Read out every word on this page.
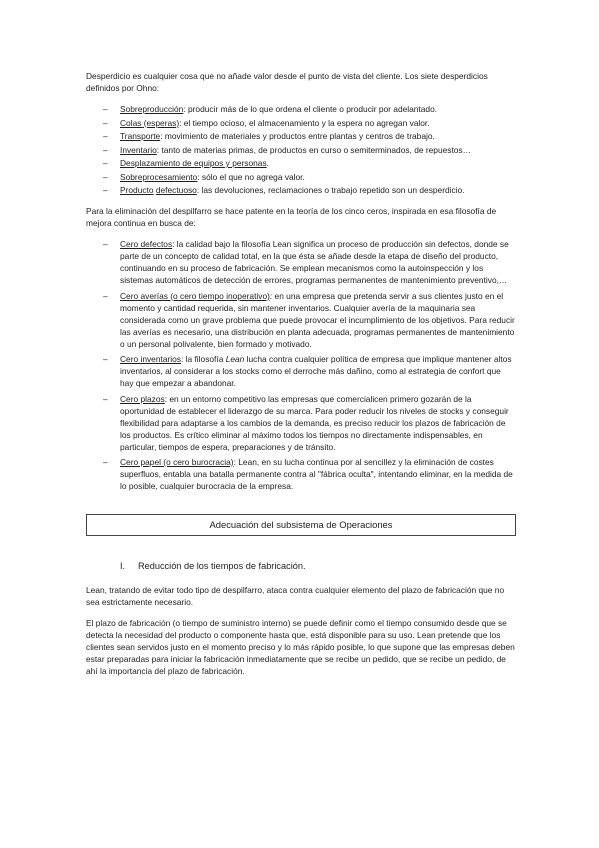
Desperdicio es cualquier cosa que no añade valor desde el punto de vista del cliente. Los siete desperdicios definidos por Ohno:

– Sobreproducción: producir más de lo que ordena el cliente o producir por adelantado.
– Colas (esperas): el tiempo ocioso, el almacenamiento y la espera no agregan valor.
– Transporte: movimiento de materiales y productos entre plantas y centros de trabajo.
– Inventario: tanto de materias primas, de productos en curso o semiterminados, de repuestos…
– Desplazamiento de equipos y personas.
– Sobreprocesamiento: sólo el que no agrega valor.
– Producto defectuoso: las devoluciones, reclamaciones o trabajo repetido son un desperdicio.

Para la eliminación del despilfarro se hace patente en la teoría de los cinco ceros, inspirada en esa filosofía de mejora continua en busca de:

– Cero defectos: la calidad bajo la filosofía Lean significa un proceso de producción sin defectos, donde se parte de un concepto de calidad total, en la que ésta se añade desde la etapa de diseño del producto, continuando en su proceso de fabricación. Se emplean mecanismos como la autoinspección y los sistemas automáticos de detección de errores, programas permanentes de mantenimiento preventivo,…
– Cero averías (o cero tiempo inoperativo): en una empresa que pretenda servir a sus clientes justo en el momento y cantidad requerida, sin mantener inventarios. Cualquier avería de la maquinaria sea considerada como un grave problema que puede provocar el incumplimiento de los objetivos. Para reducir las averías es necesario, una distribución en planta adecuada, programas permanentes de mantenimiento o un personal polivalente, bien formado y motivado.
– Cero inventarios: la filosofía Lean lucha contra cualquier política de empresa que implique mantener altos inventarios, al considerar a los stocks como el derroche más dañino, como al estrategia de confort que hay que empezar a abandonar.
– Cero plazos: en un entorno competitivo las empresas que comercialicen primero gozarán de la oportunidad de establecer el liderazgo de su marca. Para poder reducir los niveles de stocks y conseguir flexibilidad para adaptarse a los cambios de la demanda, es preciso reducir los plazos de fabricación de los productos. Es crítico eliminar al máximo todos los tiempos no directamente indispensables, en particular, tiempos de espera, preparaciones y de tránsito.
– Cero papel (o cero burocracia): Lean, en su lucha continua por al sencillez y la eliminación de costes superfluos, entabla una batalla permanente contra al "fábrica oculta", intentando eliminar, en la medida de lo posible, cualquier burocracia de la empresa.
Adecuación del subsistema de Operaciones
I.	Reducción de los tiempos de fabricación.

Lean, tratando de evitar todo tipo de despilfarro, ataca contra cualquier elemento del plazo de fabricación que no sea estrictamente necesario.

El plazo de fabricación (o tiempo de suministro interno) se puede definir como el tiempo consumido desde que se detecta la necesidad del producto o componente hasta que, está disponible para su uso. Lean pretende que los clientes sean servidos justo en el momento preciso y lo más rápido posible, lo que supone que las empresas deben estar preparadas para iniciar la fabricación inmediatamente que se recibe un pedido, que se recibe un pedido, de ahí la importancia del plazo de fabricación.
